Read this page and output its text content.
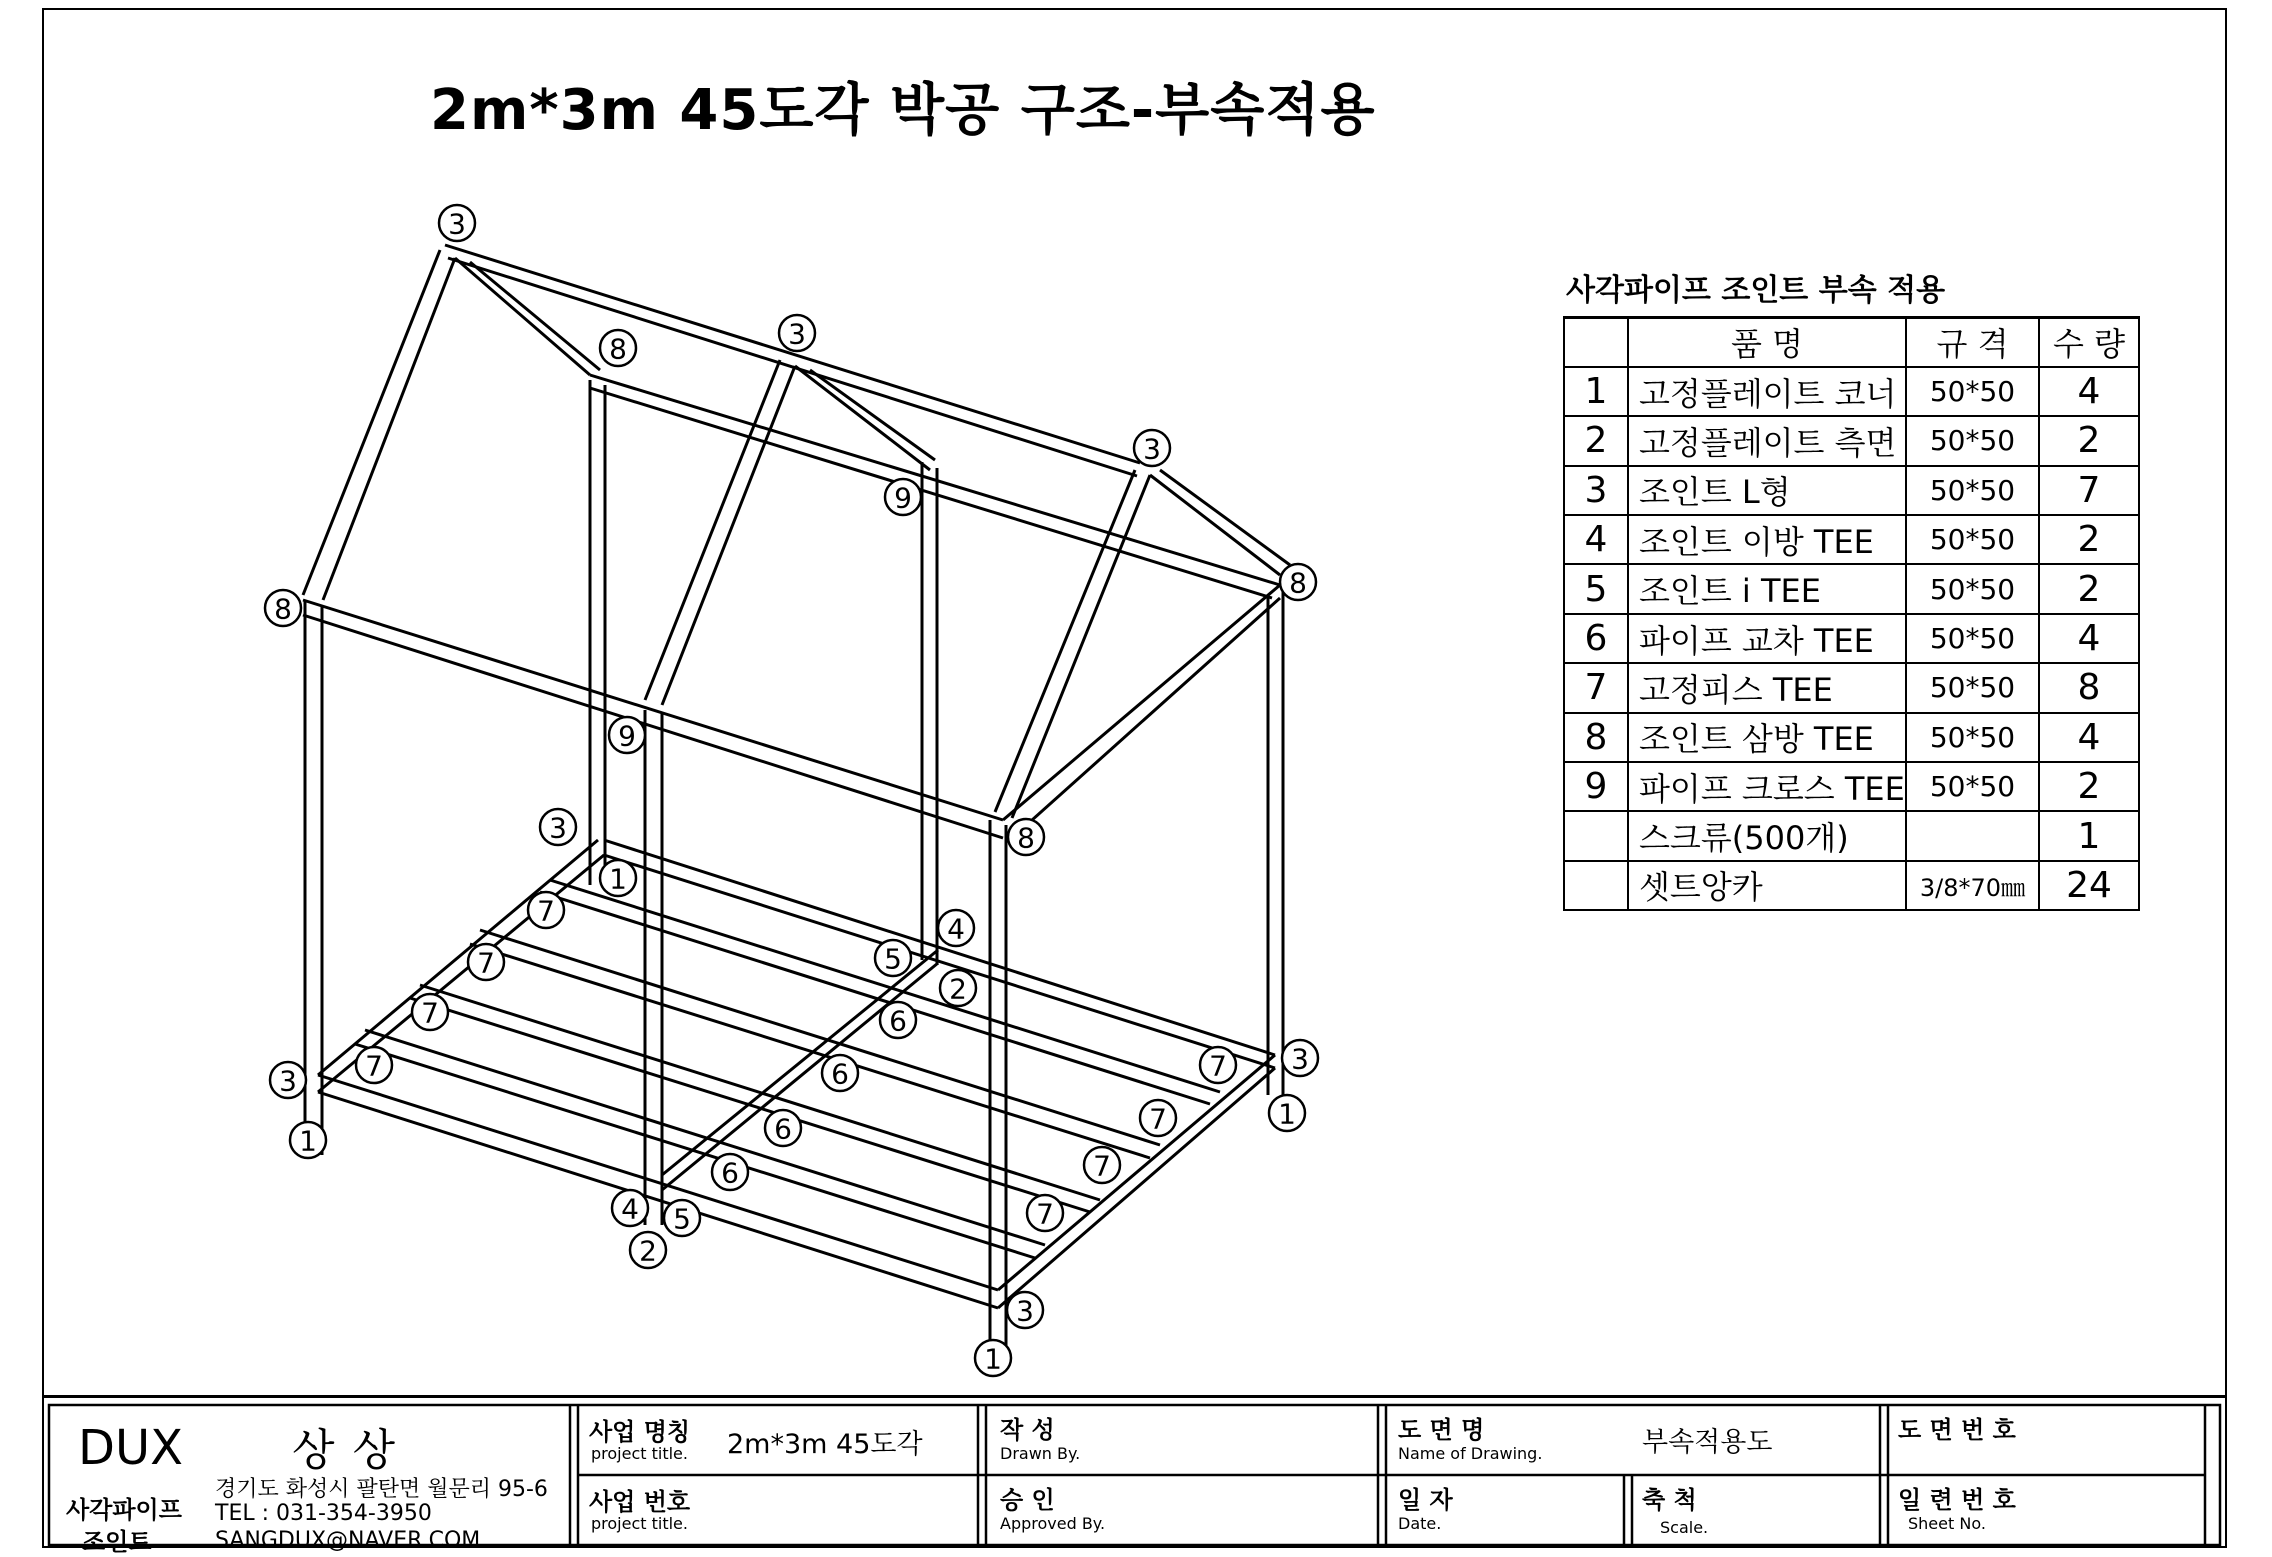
2m*3m 45도각 박공 구조-부속적용
3
8	3
3
9
8
8
9
8
3
1
7
4
5
2
7
6
7
7 3
3 7	6
7	1
1	6
7
6
7
4 5
2
3
1
사각파이프 조인트 부속 적용
	품 명	규 격	수 량
1	고정플레이트 코너	50*50	4
2	고정플레이트 측면	50*50	2
3	조인트 L형	50*50	7
4	조인트 이방 TEE	50*50	2
5	조인트 i TEE	50*50	2
6	파이프 교차 TEE	50*50	4
7	고정피스 TEE	50*50	8
8	조인트 삼방 TEE	50*50	4
9	파이프 크로스 TEE	50*50	2
	스크류(500개)		1
	셋트앙카	3/8*70㎜	24
DUX 상 상
사각파이프
조인트
경기도 화성시 팔탄면 월문리 95-6
TEL : 031-354-3950
SANGDUX@NAVER.COM
사업 명칭
project title. 2m*3m 45도각
사업 번호
project title.
작 성
Drawn By.
승 인
Approved By.
도 면 명
Name of Drawing.	부속적용도
일 자
Date.
축 척
Scale.
도 면 번 호
일 련 번 호
Sheet No.
